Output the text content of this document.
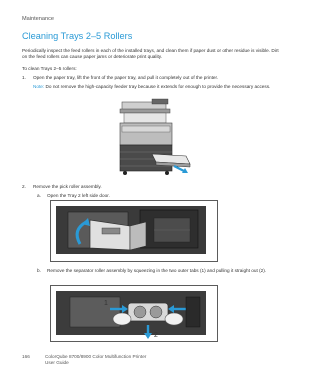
Maintenance
Cleaning Trays 2–5 Rollers
Periodically inspect the feed rollers in each of the installed trays, and clean them if paper dust or other residue is visible. Dirt on the feed rollers can cause paper jams or deteriorate print quality.
To clean Trays 2–5 rollers:
1. Open the paper tray, lift the front of the paper tray, and pull it completely out of the printer.
Note: Do not remove the high-capacity feeder tray because it extends for enough to provide the necessary access.
2. Remove the pick roller assembly.
a. Open the Tray 2 left side door.
b. Remove the separator roller assembly by squeezing in the two outer tabs (1) and pulling it straight out (2).
1
2
166	ColorQube 8700/8900 Color Multifunction Printer
User Guide
